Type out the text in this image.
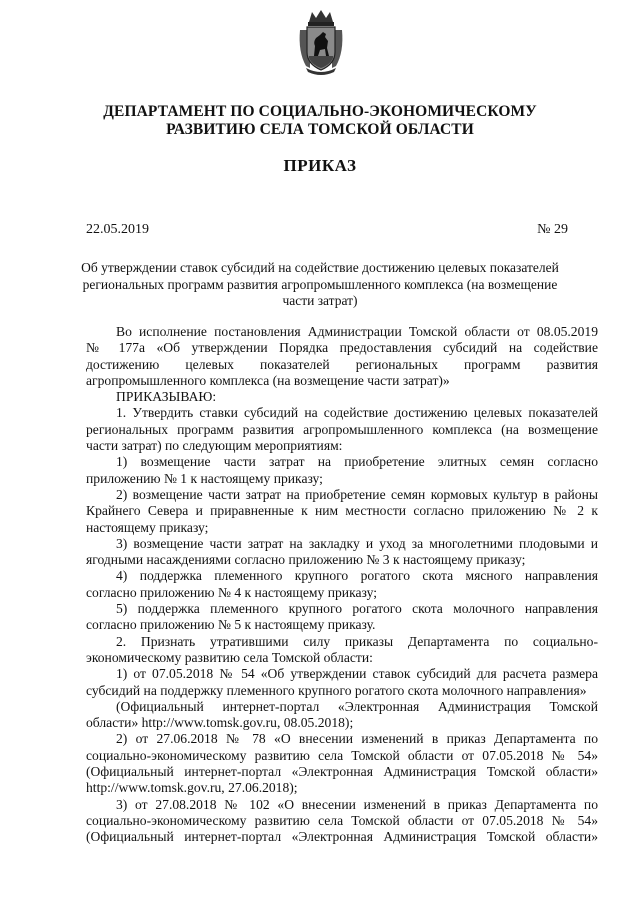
ДЕПАРТАМЕНТ ПО СОЦИАЛЬНО-ЭКОНОМИЧЕСКОМУ
РАЗВИТИЮ СЕЛА ТОМСКОЙ ОБЛАСТИ
ПРИКАЗ
22.05.2019	№ 29
Об утверждении ставок субсидий на содействие достижению целевых показателей
региональных программ развития агропромышленного комплекса (на возмещение
части затрат)
Во исполнение постановления Администрации Томской области от 08.05.2019
№ 177а «Об утверждении Порядка предоставления субсидий на содействие
достижению целевых показателей региональных программ развития
агропромышленного комплекса (на возмещение части затрат)»
ПРИКАЗЫВАЮ:
1. Утвердить ставки субсидий на содействие достижению целевых показателей
региональных программ развития агропромышленного комплекса (на возмещение
части затрат) по следующим мероприятиям:
1) возмещение части затрат на приобретение элитных семян согласно
приложению № 1 к настоящему приказу;
2) возмещение части затрат на приобретение семян кормовых культур в районы
Крайнего Севера и приравненные к ним местности согласно приложению № 2 к
настоящему приказу;
3) возмещение части затрат на закладку и уход за многолетними плодовыми и
ягодными насаждениями согласно приложению № 3 к настоящему приказу;
4) поддержка племенного крупного рогатого скота мясного направления
согласно приложению № 4 к настоящему приказу;
5) поддержка племенного крупного рогатого скота молочного направления
согласно приложению № 5 к настоящему приказу.
2. Признать утратившими силу приказы Департамента по социально-
экономическому развитию села Томской области:
1) от 07.05.2018 № 54 «Об утверждении ставок субсидий для расчета размера
субсидий на поддержку племенного крупного рогатого скота молочного направления»
(Официальный интернет-портал «Электронная Администрация Томской
области» http://www.tomsk.gov.ru, 08.05.2018);
2) от 27.06.2018 № 78 «О внесении изменений в приказ Департамента по
социально-экономическому развитию села Томской области от 07.05.2018 № 54»
(Официальный интернет-портал «Электронная Администрация Томской области»
http://www.tomsk.gov.ru, 27.06.2018);
3) от 27.08.2018 № 102 «О внесении изменений в приказ Департамента по
социально-экономическому развитию села Томской области от 07.05.2018 № 54»
(Официальный интернет-портал «Электронная Администрация Томской области»
